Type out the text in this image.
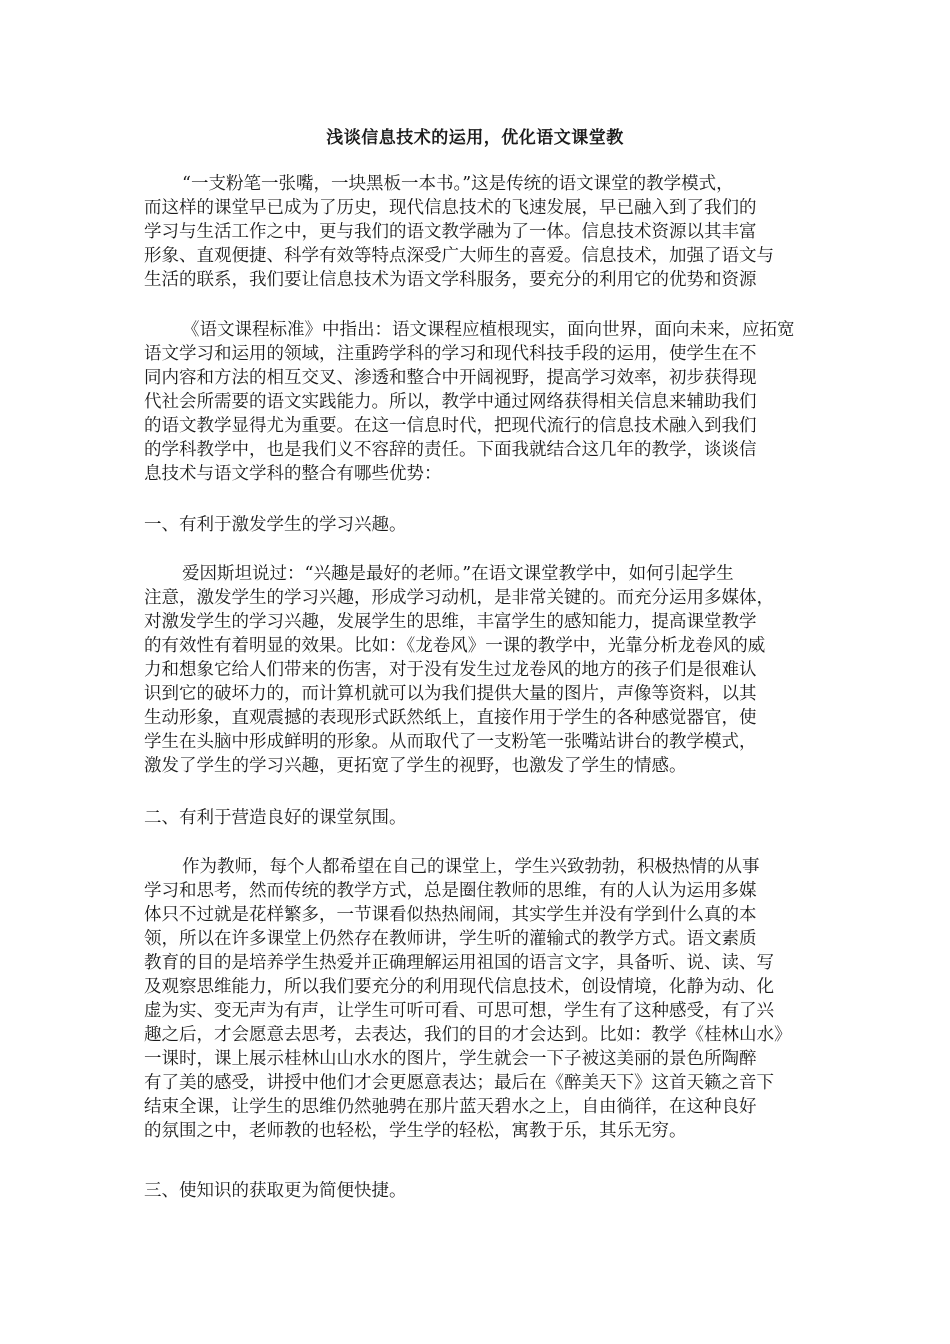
浅谈信息技术的运用，优化语文课堂教
“一支粉笔一张嘴，一块黑板一本书。”这是传统的语文课堂的教学模式，
而这样的课堂早已成为了历史，现代信息技术的飞速发展，早已融入到了我们的
学习与生活工作之中，更与我们的语文教学融为了一体。信息技术资源以其丰富
形象、直观便捷、科学有效等特点深受广大师生的喜爱。信息技术，加强了语文与
生活的联系，我们要让信息技术为语文学科服务，要充分的利用它的优势和资源
《语文课程标准》中指出：语文课程应植根现实，面向世界，面向未来，应拓宽
语文学习和运用的领域，注重跨学科的学习和现代科技手段的运用，使学生在不
同内容和方法的相互交叉、渗透和整合中开阔视野，提高学习效率，初步获得现
代社会所需要的语文实践能力。所以，教学中通过网络获得相关信息来辅助我们
的语文教学显得尤为重要。在这一信息时代，把现代流行的信息技术融入到我们
的学科教学中，也是我们义不容辞的责任。下面我就结合这几年的教学，谈谈信
息技术与语文学科的整合有哪些优势：
一、有利于激发学生的学习兴趣。
爱因斯坦说过：“兴趣是最好的老师。”在语文课堂教学中，如何引起学生
注意，激发学生的学习兴趣，形成学习动机，是非常关键的。而充分运用多媒体，
对激发学生的学习兴趣，发展学生的思维，丰富学生的感知能力，提高课堂教学
的有效性有着明显的效果。比如：《龙卷风》一课的教学中，光靠分析龙卷风的威
力和想象它给人们带来的伤害，对于没有发生过龙卷风的地方的孩子们是很难认
识到它的破坏力的，而计算机就可以为我们提供大量的图片，声像等资料，以其
生动形象，直观震撼的表现形式跃然纸上，直接作用于学生的各种感觉器官，使
学生在头脑中形成鲜明的形象。从而取代了一支粉笔一张嘴站讲台的教学模式，
激发了学生的学习兴趣，更拓宽了学生的视野，也激发了学生的情感。
二、有利于营造良好的课堂氛围。
作为教师，每个人都希望在自己的课堂上，学生兴致勃勃，积极热情的从事
学习和思考，然而传统的教学方式，总是圈住教师的思维，有的人认为运用多媒
体只不过就是花样繁多，一节课看似热热闹闹，其实学生并没有学到什么真的本
领，所以在许多课堂上仍然存在教师讲，学生听的灌输式的教学方式。语文素质
教育的目的是培养学生热爱并正确理解运用祖国的语言文字，具备听、说、读、写
及观察思维能力，所以我们要充分的利用现代信息技术，创设情境，化静为动、化
虚为实、变无声为有声，让学生可听可看、可思可想，学生有了这种感受，有了兴
趣之后，才会愿意去思考，去表达，我们的目的才会达到。比如：教学《桂林山水》
一课时，课上展示桂林山山水水的图片，学生就会一下子被这美丽的景色所陶醉
有了美的感受，讲授中他们才会更愿意表达；最后在《醉美天下》这首天籁之音下
结束全课，让学生的思维仍然驰骋在那片蓝天碧水之上，自由徜徉，在这种良好
的氛围之中，老师教的也轻松，学生学的轻松，寓教于乐，其乐无穷。
三、使知识的获取更为简便快捷。
